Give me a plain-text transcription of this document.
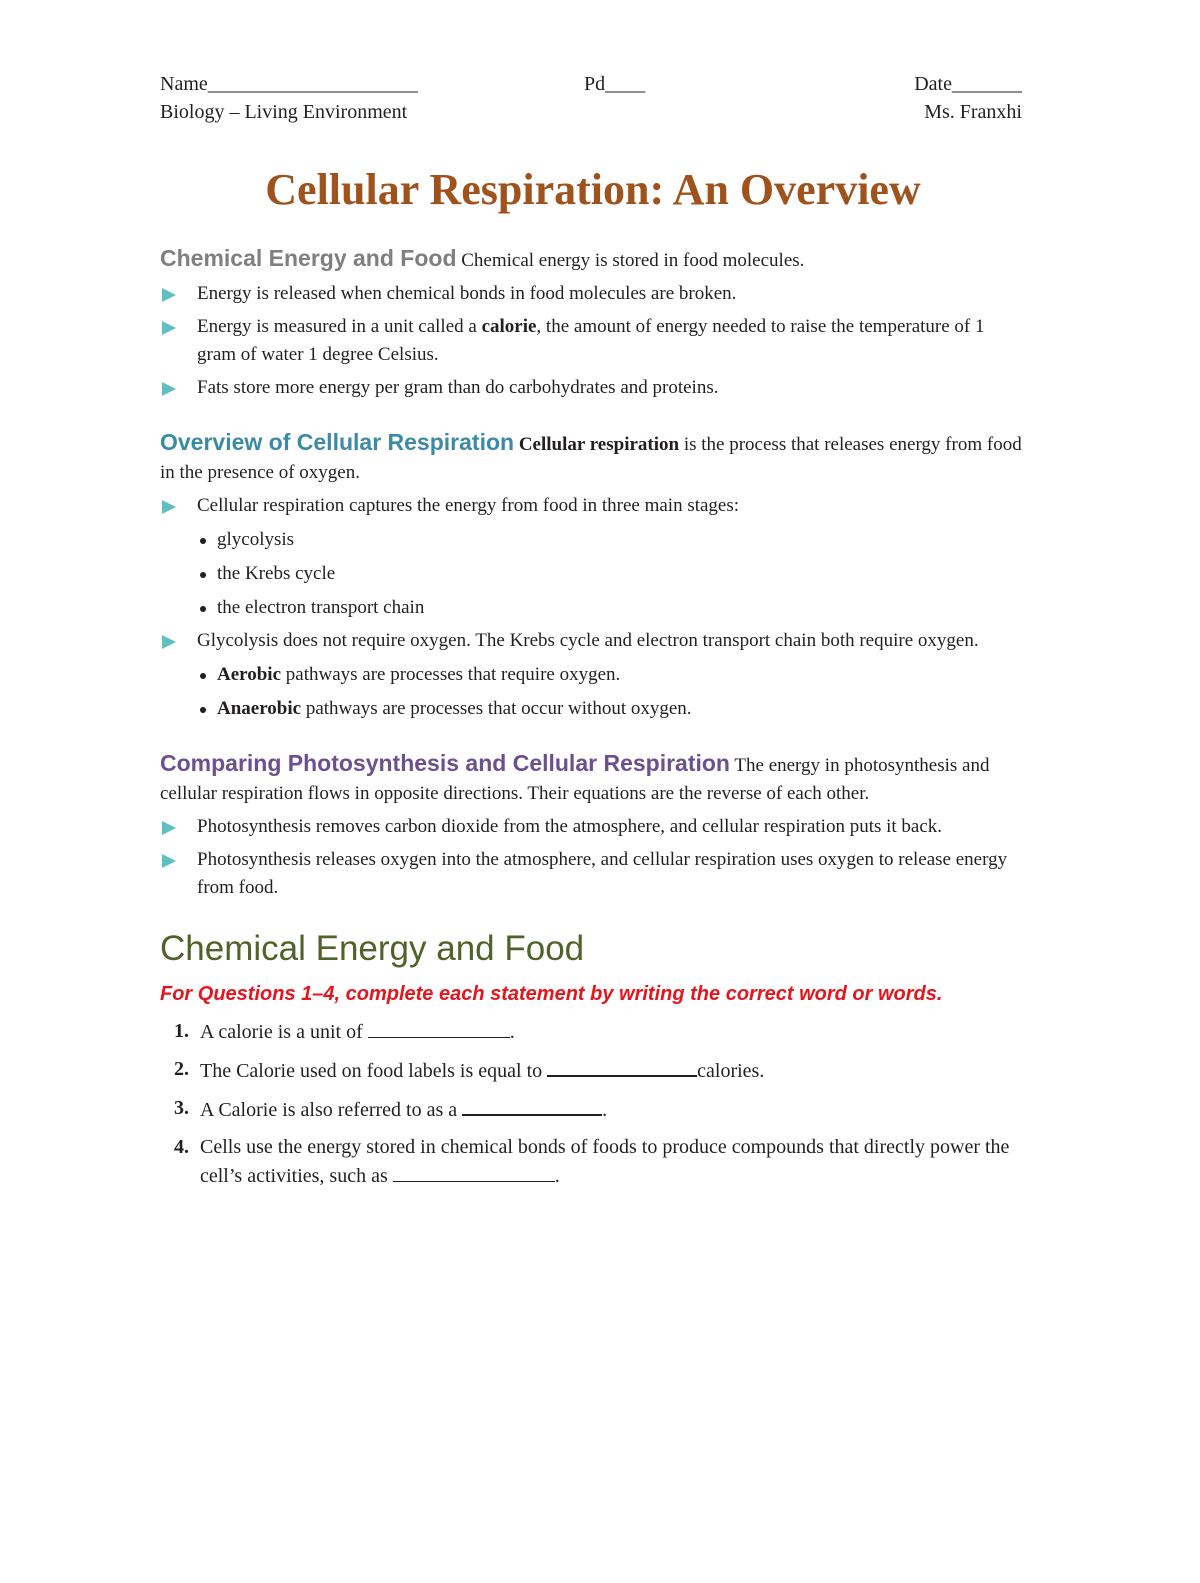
Name_____________________	Pd____	Date_______
Biology – Living Environment	Ms. Franxhi
Cellular Respiration: An Overview

Chemical Energy and Food Chemical energy is stored in food molecules.

Energy is released when chemical bonds in food molecules are broken.
Energy is measured in a unit called a calorie, the amount of energy needed to raise the temperature of 1 gram of water 1 degree Celsius.
Fats store more energy per gram than do carbohydrates and proteins.

Overview of Cellular Respiration Cellular respiration is the process that releases energy from food in the presence of oxygen.

Cellular respiration captures the energy from food in three main stages:
glycolysis
the Krebs cycle
the electron transport chain
Glycolysis does not require oxygen. The Krebs cycle and electron transport chain both require oxygen.
Aerobic pathways are processes that require oxygen.
Anaerobic pathways are processes that occur without oxygen.

Comparing Photosynthesis and Cellular Respiration The energy in photosynthesis and cellular respiration flows in opposite directions. Their equations are the reverse of each other.

Photosynthesis removes carbon dioxide from the atmosphere, and cellular respiration puts it back.
Photosynthesis releases oxygen into the atmosphere, and cellular respiration uses oxygen to release energy from food.
Chemical Energy and Food
For Questions 1–4, complete each statement by writing the correct word or words.
1. A calorie is a unit of	.
2. The Calorie used on food labels is equal to	calories.
3. A Calorie is also referred to as a	.
4. Cells use the energy stored in chemical bonds of foods to produce compounds that directly power the cell’s activities, such as	.
